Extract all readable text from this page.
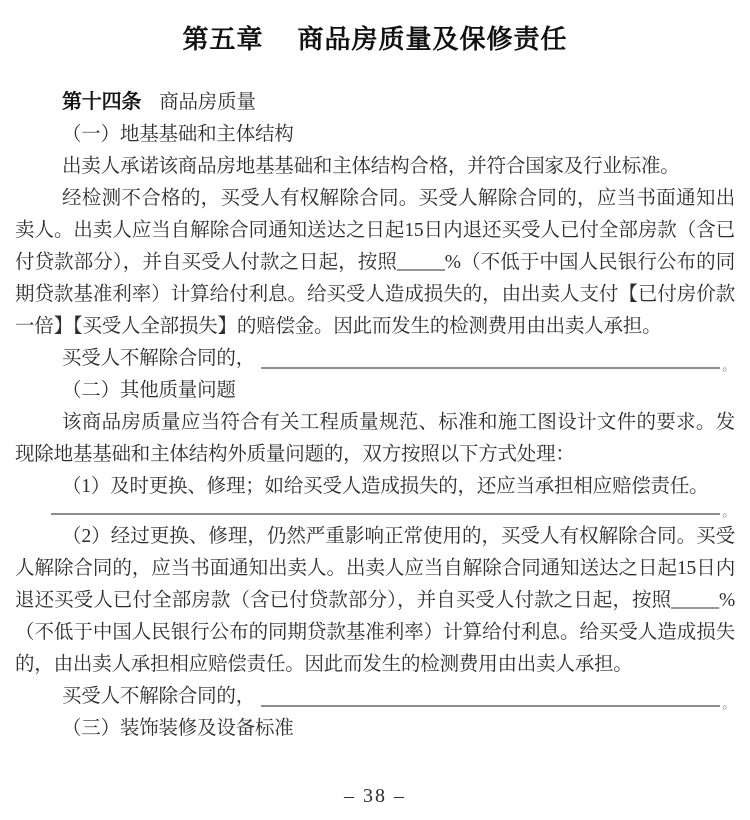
第五章 商品房质量及保修责任

第十四条 商品房质量

（一）地基基础和主体结构

出卖人承诺该商品房地基基础和主体结构合格，并符合国家及行业标准。

经检测不合格的，买受人有权解除合同。买受人解除合同的，应当书面通知出卖人。出卖人应当自解除合同通知送达之日起15日内退还买受人已付全部房款（含已付贷款部分），并自买受人付款之日起，按照_____%（不低于中国人民银行公布的同期贷款基准利率）计算给付利息。给买受人造成损失的，由出卖人支付【已付房价款一倍】【买受人全部损失】的赔偿金。因此而发生的检测费用由出卖人承担。

买受人不解除合同的，	。

（二）其他质量问题

该商品房质量应当符合有关工程质量规范、标准和施工图设计文件的要求。发现除地基基础和主体结构外质量问题的，双方按照以下方式处理：

（1）及时更换、修理；如给买受人造成损失的，还应当承担相应赔偿责任。

。

（2）经过更换、修理，仍然严重影响正常使用的，买受人有权解除合同。买受人解除合同的，应当书面通知出卖人。出卖人应当自解除合同通知送达之日起15日内退还买受人已付全部房款（含已付贷款部分），并自买受人付款之日起，按照_____%（不低于中国人民银行公布的同期贷款基准利率）计算给付利息。给买受人造成损失的，由出卖人承担相应赔偿责任。因此而发生的检测费用由出卖人承担。

买受人不解除合同的，	。

（三）装饰装修及设备标准

– 38 –
